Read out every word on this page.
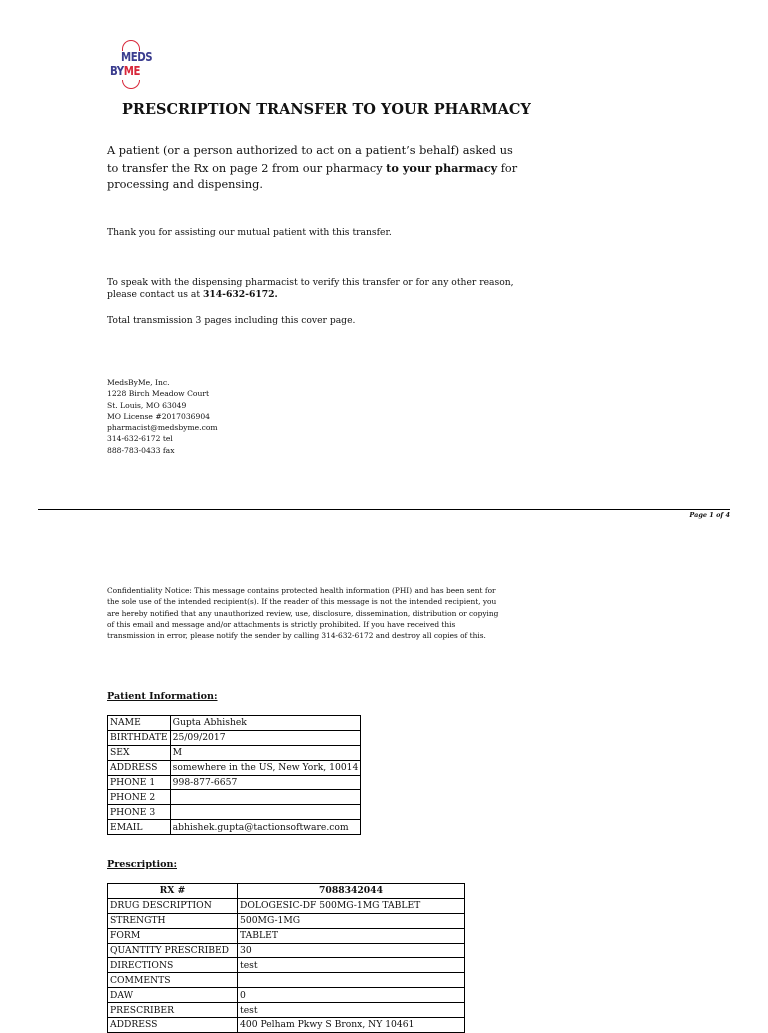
MEDS
BYME
PRESCRIPTION TRANSFER TO YOUR PHARMACY
A patient (or a person authorized to act on a patient’s behalf) asked us to transfer the Rx on page 2 from our pharmacy to your pharmacy for processing and dispensing.
Thank you for assisting our mutual patient with this transfer.
To speak with the dispensing pharmacist to verify this transfer or for any other reason,
please contact us at 314-632-6172.
Total transmission 3 pages including this cover page.
MedsByMe, Inc.
1228 Birch Meadow Court
St. Louis, MO 63049
MO License #2017036904
pharmacist@medsbyme.com
314-632-6172 tel
888-783-0433 fax
Page 1 of 4
Confidentiality Notice: This message contains protected health information (PHI) and has been sent for
the sole use of the intended recipient(s). If the reader of this message is not the intended recipient, you
are hereby notified that any unauthorized review, use, disclosure, dissemination, distribution or copying
of this email and message and/or attachments is strictly prohibited. If you have received this
transmission in error, please notify the sender by calling 314-632-6172 and destroy all copies of this.
Patient Information:
NAME	Gupta Abhishek
BIRTHDATE	25/09/2017
SEX	M
ADDRESS	somewhere in the US, New York, 10014
PHONE 1	998-877-6657
PHONE 2	
PHONE 3	
EMAIL	abhishek.gupta@tactionsoftware.com
Prescription:
RX #	7088342044
DRUG DESCRIPTION	DOLOGESIC-DF 500MG-1MG TABLET
STRENGTH	500MG-1MG
FORM	TABLET
QUANTITY PRESCRIBED	30
DIRECTIONS	test
COMMENTS	
DAW	0
PRESCRIBER	test
ADDRESS	400 Pelham Pkwy S Bronx, NY 10461
